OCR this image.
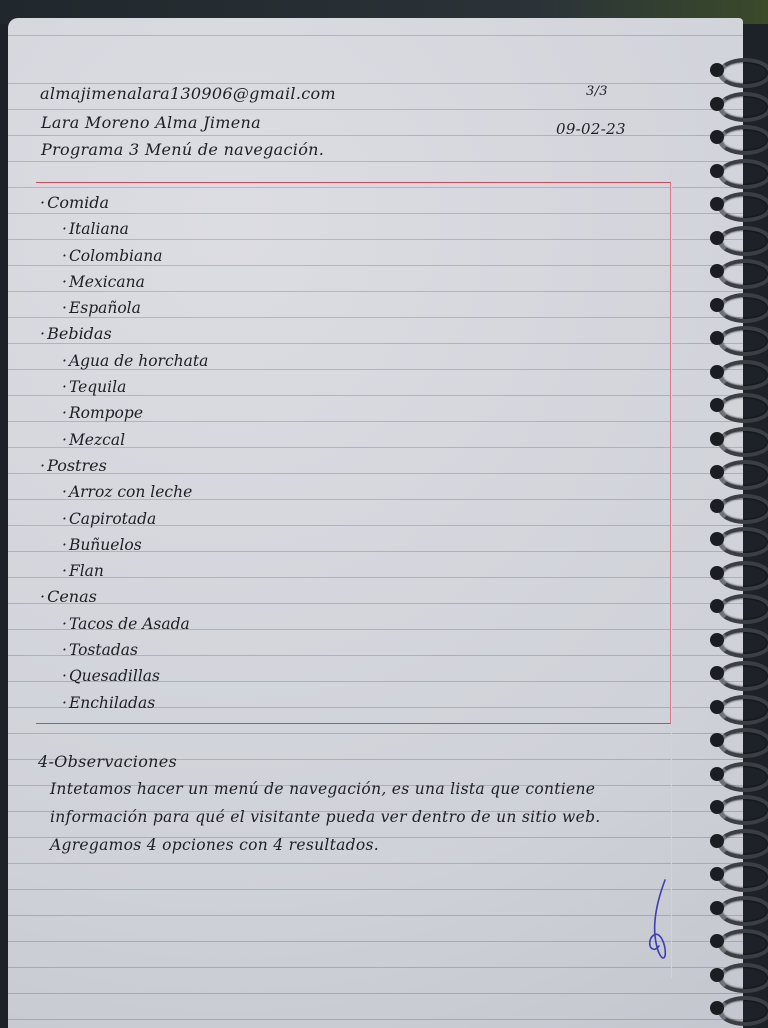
almajimenalara130906@gmail.com
Lara Moreno Alma Jimena
Programa 3 Menú de navegación.
3/3
09-02-23
· Comida
· Italiana
· Colombiana
· Mexicana
· Española
· Bebidas
· Agua de horchata
· Tequila
· Rompope
· Mezcal
· Postres
· Arroz con leche
· Capirotada
· Buñuelos
· Flan
· Cenas
· Tacos de Asada
· Tostadas
· Quesadillas
· Enchiladas
4-Observaciones
Intetamos hacer un menú de navegación, es una lista que contiene
información para qué el visitante pueda ver dentro de un sitio web.
Agregamos 4 opciones con 4 resultados.
